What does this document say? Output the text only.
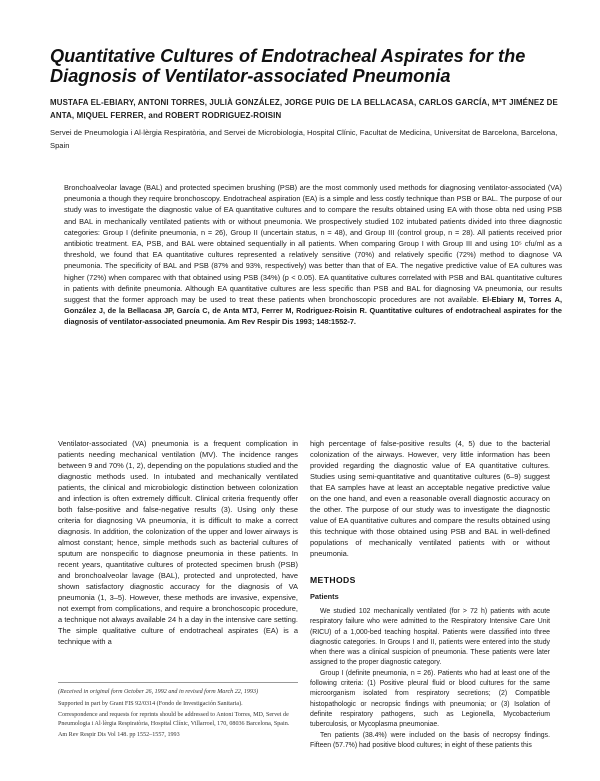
Quantitative Cultures of Endotracheal Aspirates for the Diagnosis of Ventilator-associated Pneumonia
MUSTAFA EL-EBIARY, ANTONI TORRES, JULIÀ GONZÁLEZ, JORGE PUIG DE LA BELLACASA, CARLOS GARCÍA, MªT JIMÉNEZ DE ANTA, MIQUEL FERRER, and ROBERT RODRIGUEZ-ROISIN
Servei de Pneumologia i Al·lèrgia Respiratòria, and Servei de Microbiologia, Hospital Clínic, Facultat de Medicina, Universitat de Barcelona, Barcelona, Spain

Bronchoalveolar lavage (BAL) and protected specimen brushing (PSB) are the most commonly used methods for diagnosing ventilator-associated (VA) pneumonia a though they require bronchoscopy. Endotracheal aspiration (EA) is a simple and less costly technique than PSB or BAL. The purpose of our study was to investigate the diagnostic value of EA quantitative cultures and to compare the results obtained using EA with those obta ned using PSB and BAL in mechanically ventilated patients with or without pneumonia. We prospectively studied 102 intubated patients divided into three diagnostic categories: Group I (definite pneumonia, n = 26), Group II (uncertain status, n = 48), and Group III (control group, n = 28). All patients received prior antibiotic treatment. EA, PSB, and BAL were obtained sequentially in all patients. When comparing Group I with Group III and using 10⁵ cfu/ml as a threshold, we found that EA quantitative cultures represented a relatively sensitive (70%) and relatively specific (72%) method to diagnose VA pneumonia. The specificity of BAL and PSB (87% and 93%, respectively) was better than that of EA. The negative predictive value of EA cultures was higher (72%) when comparec with that obtained using PSB (34%) (p < 0.05). EA quantitative cultures correlated with PSB and BAL quantitative cultures in patients with definite pneumonia. Although EA quantitative cultures are less specific than PSB and BAL for diagnosing VA pneumonia, our results suggest that the former approach may be used to treat these patients when bronchoscopic procedures are not available. El-Ebiary M, Torres A, González J, de la Bellacasa JP, García C, de Anta MTJ, Ferrer M, Rodriguez-Roisin R. Quantitative cultures of endotracheal aspirates for the diagnosis of ventilator-associated pneumonia. Am Rev Respir Dis 1993; 148:1552-7.

Ventilator-associated (VA) pneumonia is a frequent complication in patients needing mechanical ventilation (MV). The incidence ranges between 9 and 70% (1, 2), depending on the populations studied and the diagnostic methods used. In intubated and mechanically ventilated patients, the clinical and microbiologic distinction between colonization and infection is often extremely difficult. Clinical criteria frequently offer both false-positive and false-negative results (3). Using only these criteria for diagnosing VA pneumonia, it is difficult to make a correct diagnosis. In addition, the colonization of the upper and lower airways is almost constant; hence, simple methods such as bacterial cultures of sputum are nonspecific to diagnose pneumonia in these patients. In recent years, quantitative cultures of protected specimen brush (PSB) and bronchoalveolar lavage (BAL), protected and unprotected, have shown satisfactory diagnostic accuracy for the diagnosis of VA pneumonia (1, 3–5). However, these methods are invasive, expensive, not exempt from complications, and require a bronchoscopic procedure, a technique not always available 24 h a day in the intensive care setting. The simple qualitative culture of endotracheal aspirates (EA) is a technique with a

(Received in original form October 26, 1992 and in revised form March 22, 1993)

Supported in part by Grant FIS 92/0314 (Fondo de Investigación Sanitaria).

Correspondence and requests for reprints should be addressed to Antoni Torres, MD, Servei de Pneumologia i Al·lèrgia Respiratòria, Hospital Clínic, Villarroel, 170, 08036 Barcelona, Spain.

Am Rev Respir Dis Vol 148. pp 1552–1557, 1993

high percentage of false-positive results (4, 5) due to the bacterial colonization of the airways. However, very little information has been provided regarding the diagnostic value of EA quantitative cultures. Studies using semi-quantitative and quantitative cultures (6–9) suggest that EA samples have at least an acceptable negative predictive value on the one hand, and even a reasonable overall diagnostic accuracy on the other. The purpose of our study was to investigate the diagnostic value of EA quantitative cultures and compare the results obtained using this technique with those obtained using PSB and BAL in well-defined populations of mechanically ventilated patients with or without pneumonia.

METHODS

Patients

We studied 102 mechanically ventilated (for > 72 h) patients with acute respiratory failure who were admitted to the Respiratory Intensive Care Unit (RICU) of a 1,000-bed teaching hospital. Patients were classified into three diagnostic categories. In Groups I and II, patients were entered into the study when there was a clinical suspicion of pneumonia. These patients were later assigned to the proper diagnostic category.

Group I (definite pneumonia, n = 26). Patients who had at least one of the following criteria: (1) Positive pleural fluid or blood cultures for the same microorganism isolated from respiratory secretions; (2) Compatible histopathologic or necropsic findings with pneumonia; or (3) Isolation of definite respiratory pathogens, such as Legionella, Mycobacterium tuberculosis, or Mycoplasma pneumoniae.

Ten patients (38.4%) were included on the basis of necropsy findings. Fifteen (57.7%) had positive blood cultures; in eight of these patients this
